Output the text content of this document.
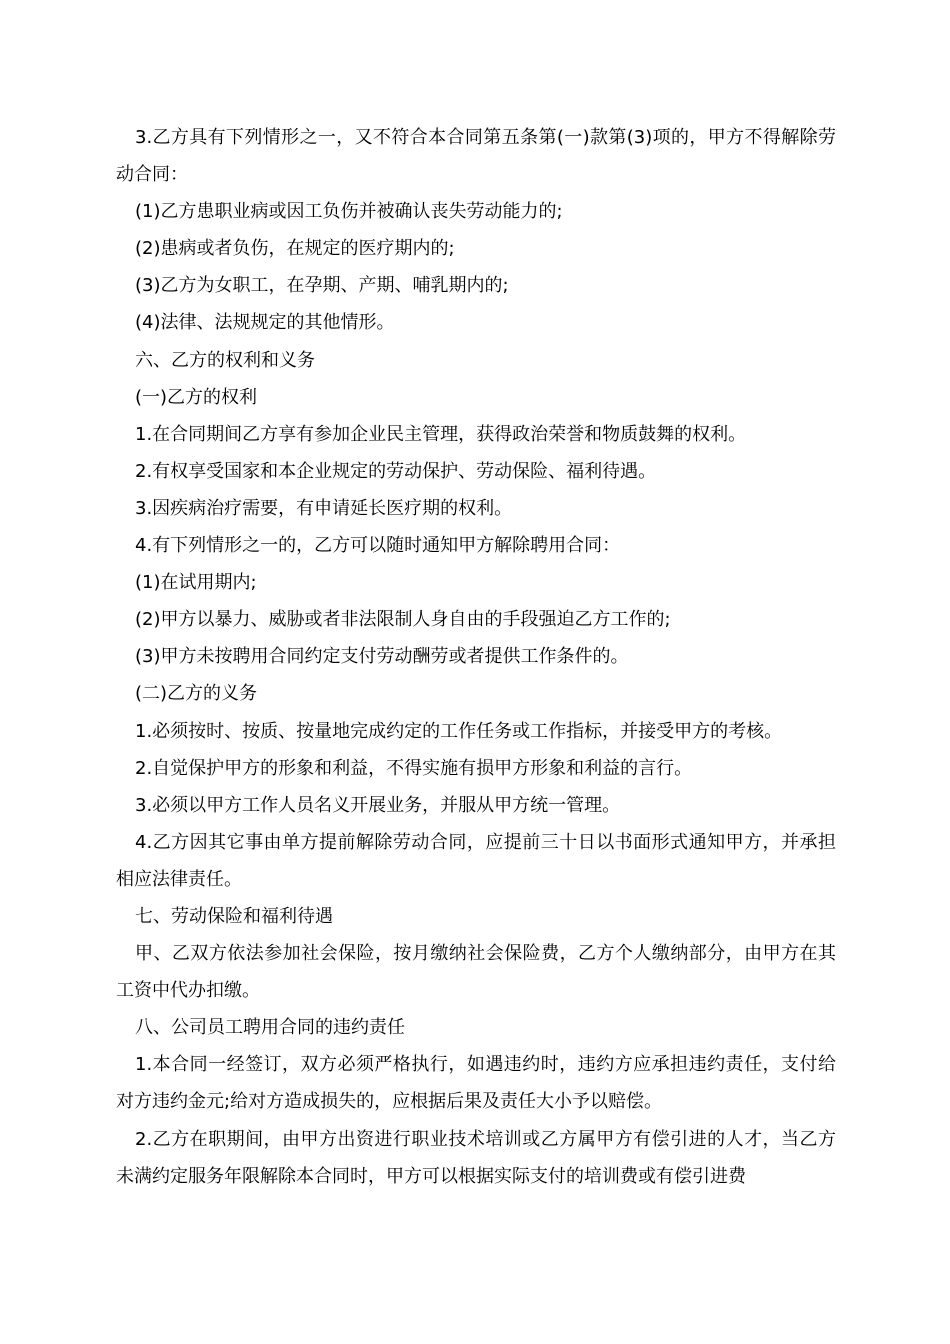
3.乙方具有下列情形之一，又不符合本合同第五条第(一)款第(3)项的，甲方不得解除劳动合同：

(1)乙方患职业病或因工负伤并被确认丧失劳动能力的;

(2)患病或者负伤，在规定的医疗期内的;

(3)乙方为女职工，在孕期、产期、哺乳期内的;

(4)法律、法规规定的其他情形。

六、乙方的权利和义务

(一)乙方的权利

1.在合同期间乙方享有参加企业民主管理，获得政治荣誉和物质鼓舞的权利。

2.有权享受国家和本企业规定的劳动保护、劳动保险、福利待遇。

3.因疾病治疗需要，有申请延长医疗期的权利。

4.有下列情形之一的，乙方可以随时通知甲方解除聘用合同：

(1)在试用期内;

(2)甲方以暴力、威胁或者非法限制人身自由的手段强迫乙方工作的;

(3)甲方未按聘用合同约定支付劳动酬劳或者提供工作条件的。

(二)乙方的义务

1.必须按时、按质、按量地完成约定的工作任务或工作指标，并接受甲方的考核。

2.自觉保护甲方的形象和利益，不得实施有损甲方形象和利益的言行。

3.必须以甲方工作人员名义开展业务，并服从甲方统一管理。

4.乙方因其它事由单方提前解除劳动合同，应提前三十日以书面形式通知甲方，并承担相应法律责任。

七、劳动保险和福利待遇

甲、乙双方依法参加社会保险，按月缴纳社会保险费，乙方个人缴纳部分，由甲方在其工资中代办扣缴。

八、公司员工聘用合同的违约责任

1.本合同一经签订，双方必须严格执行，如遇违约时，违约方应承担违约责任，支付给对方违约金元;给对方造成损失的，应根据后果及责任大小予以赔偿。

2.乙方在职期间，由甲方出资进行职业技术培训或乙方属甲方有偿引进的人才，当乙方未满约定服务年限解除本合同时，甲方可以根据实际支付的培训费或有偿引进费
